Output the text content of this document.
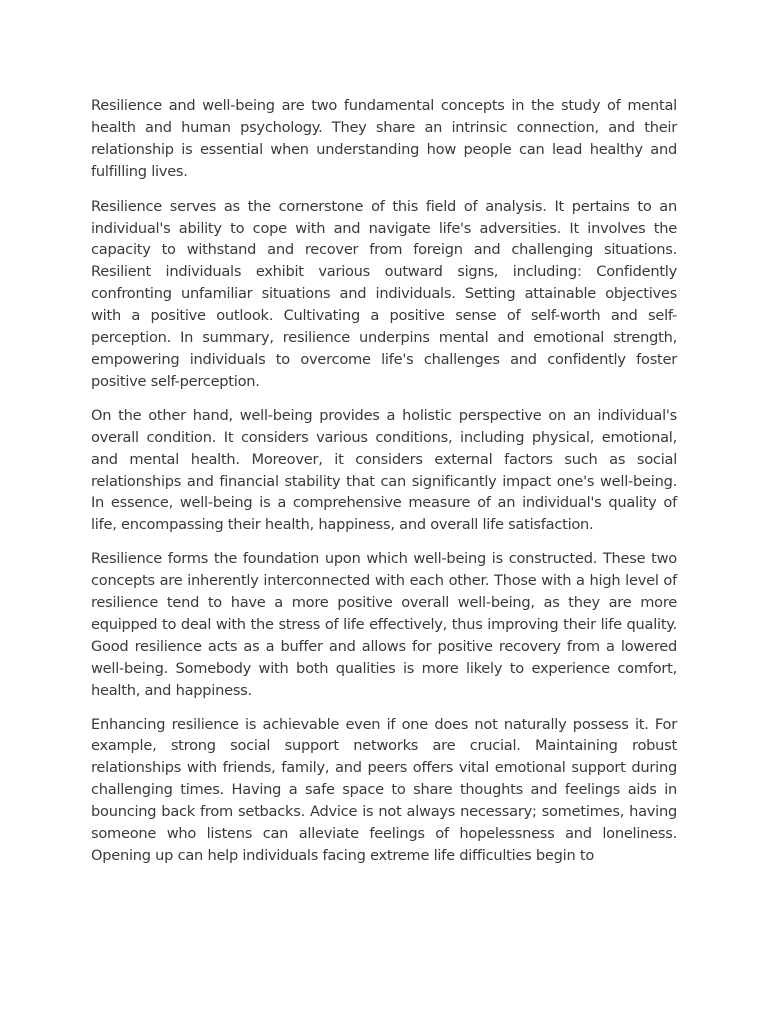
Resilience and well-being are two fundamental concepts in the study of mental health and human psychology. They share an intrinsic connection, and their relationship is essential when understanding how people can lead healthy and fulfilling lives.

Resilience serves as the cornerstone of this field of analysis. It pertains to an individual's ability to cope with and navigate life's adversities. It involves the capacity to withstand and recover from foreign and challenging situations. Resilient individuals exhibit various outward signs, including: Confidently confronting unfamiliar situations and individuals. Setting attainable objectives with a positive outlook. Cultivating a positive sense of self-worth and self-perception. In summary, resilience underpins mental and emotional strength, empowering individuals to overcome life's challenges and confidently foster positive self-perception.

On the other hand, well-being provides a holistic perspective on an individual's overall condition. It considers various conditions, including physical, emotional, and mental health. Moreover, it considers external factors such as social relationships and financial stability that can significantly impact one's well-being. In essence, well-being is a comprehensive measure of an individual's quality of life, encompassing their health, happiness, and overall life satisfaction.

Resilience forms the foundation upon which well-being is constructed. These two concepts are inherently interconnected with each other. Those with a high level of resilience tend to have a more positive overall well-being, as they are more equipped to deal with the stress of life effectively, thus improving their life quality. Good resilience acts as a buffer and allows for positive recovery from a lowered well-being. Somebody with both qualities is more likely to experience comfort, health, and happiness.

Enhancing resilience is achievable even if one does not naturally possess it. For example, strong social support networks are crucial. Maintaining robust relationships with friends, family, and peers offers vital emotional support during challenging times. Having a safe space to share thoughts and feelings aids in bouncing back from setbacks. Advice is not always necessary; sometimes, having someone who listens can alleviate feelings of hopelessness and loneliness. Opening up can help individuals facing extreme life difficulties begin to
